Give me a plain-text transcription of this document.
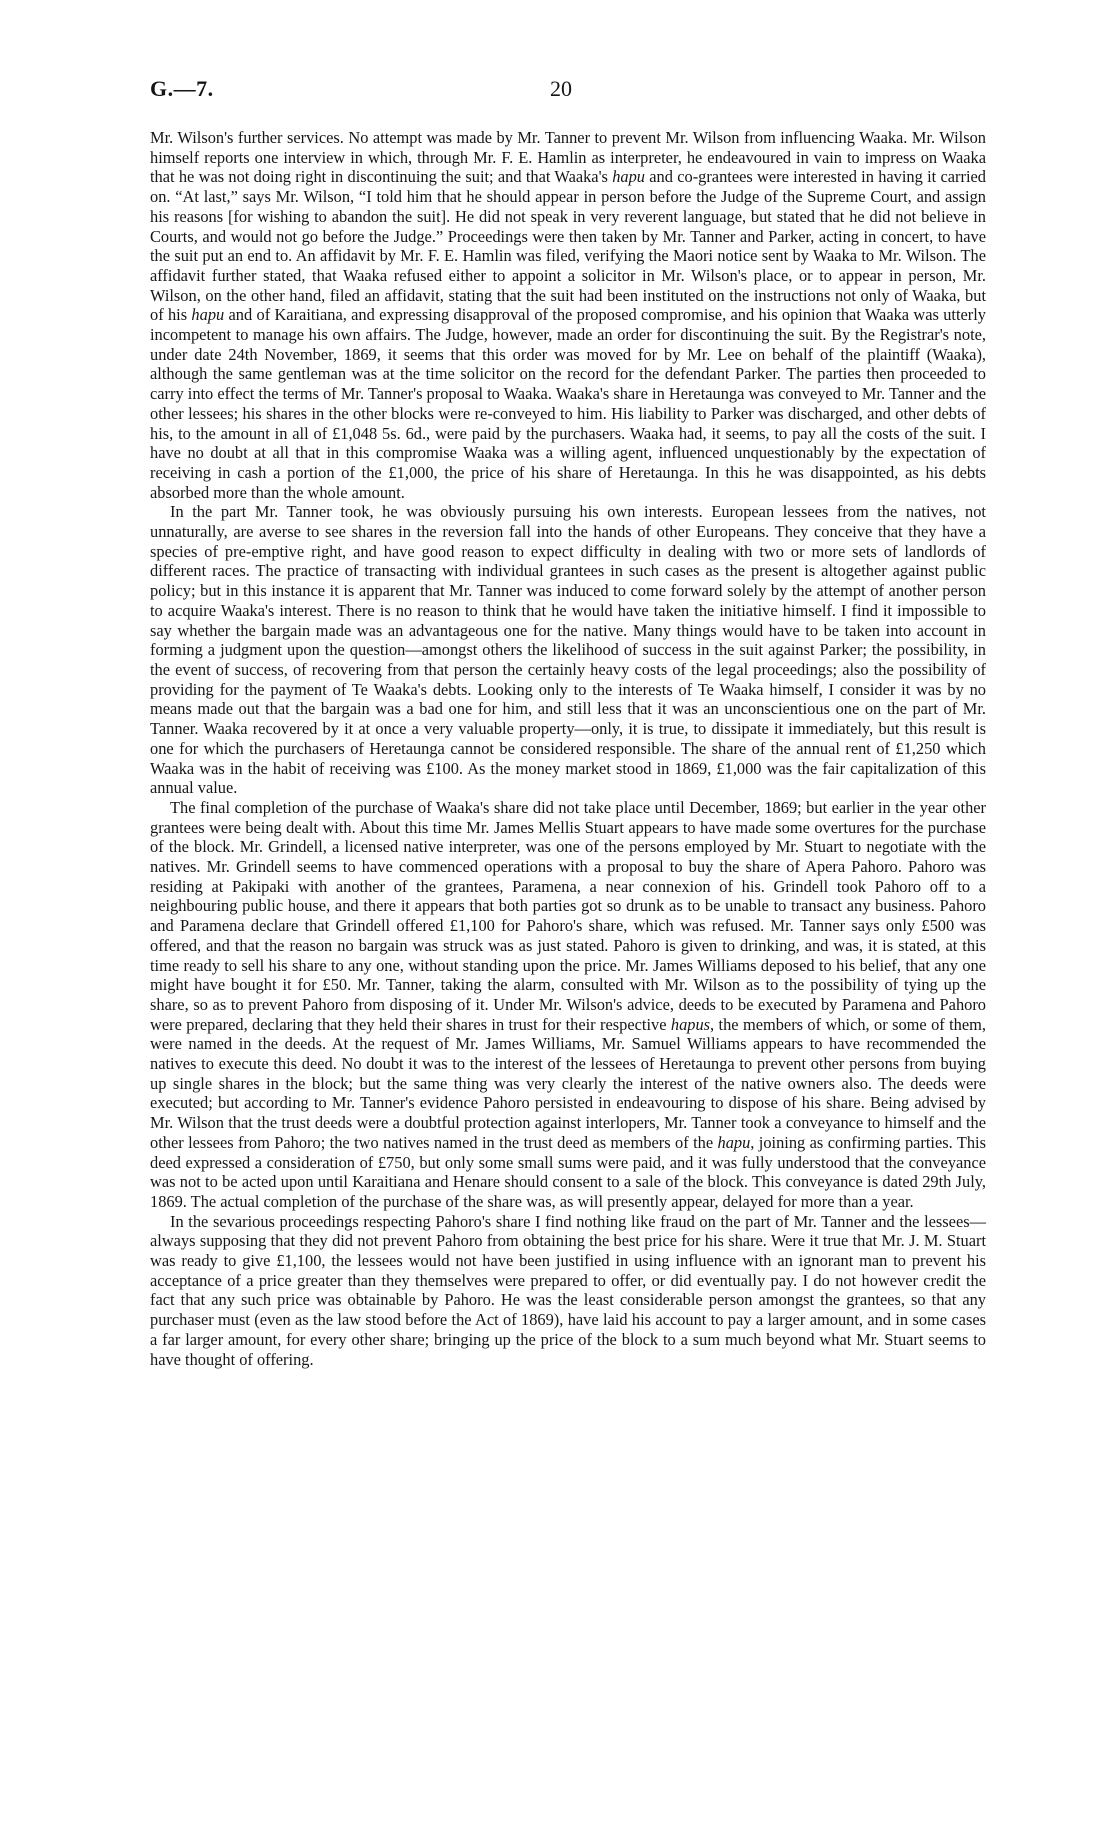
G.—7.	20

Mr. Wilson's further services. No attempt was made by Mr. Tanner to prevent Mr. Wilson from influencing Waaka. Mr. Wilson himself reports one interview in which, through Mr. F. E. Hamlin as interpreter, he endeavoured in vain to impress on Waaka that he was not doing right in discontinuing the suit; and that Waaka's hapu and co-grantees were interested in having it carried on. “At last,” says Mr. Wilson, “I told him that he should appear in person before the Judge of the Supreme Court, and assign his reasons [for wishing to abandon the suit]. He did not speak in very reverent language, but stated that he did not believe in Courts, and would not go before the Judge.” Proceedings were then taken by Mr. Tanner and Parker, acting in concert, to have the suit put an end to. An affidavit by Mr. F. E. Hamlin was filed, verifying the Maori notice sent by Waaka to Mr. Wilson. The affidavit further stated, that Waaka refused either to appoint a solicitor in Mr. Wilson's place, or to appear in person, Mr. Wilson, on the other hand, filed an affidavit, stating that the suit had been instituted on the instructions not only of Waaka, but of his hapu and of Karaitiana, and expressing disapproval of the proposed compromise, and his opinion that Waaka was utterly incompetent to manage his own affairs. The Judge, however, made an order for discontinuing the suit. By the Registrar's note, under date 24th November, 1869, it seems that this order was moved for by Mr. Lee on behalf of the plaintiff (Waaka), although the same gentleman was at the time solicitor on the record for the defendant Parker. The parties then proceeded to carry into effect the terms of Mr. Tanner's proposal to Waaka. Waaka's share in Heretaunga was conveyed to Mr. Tanner and the other lessees; his shares in the other blocks were re-conveyed to him. His liability to Parker was discharged, and other debts of his, to the amount in all of £1,048 5s. 6d., were paid by the purchasers. Waaka had, it seems, to pay all the costs of the suit. I have no doubt at all that in this compromise Waaka was a willing agent, influenced unquestionably by the expectation of receiving in cash a portion of the £1,000, the price of his share of Heretaunga. In this he was disappointed, as his debts absorbed more than the whole amount.

In the part Mr. Tanner took, he was obviously pursuing his own interests. European lessees from the natives, not unnaturally, are averse to see shares in the reversion fall into the hands of other Europeans. They conceive that they have a species of pre-emptive right, and have good reason to expect difficulty in dealing with two or more sets of landlords of different races. The practice of transacting with individual grantees in such cases as the present is altogether against public policy; but in this instance it is apparent that Mr. Tanner was induced to come forward solely by the attempt of another person to acquire Waaka's interest. There is no reason to think that he would have taken the initiative himself. I find it impossible to say whether the bargain made was an advantageous one for the native. Many things would have to be taken into account in forming a judgment upon the question—amongst others the likelihood of success in the suit against Parker; the possibility, in the event of success, of recovering from that person the certainly heavy costs of the legal proceedings; also the possibility of providing for the payment of Te Waaka's debts. Looking only to the interests of Te Waaka himself, I consider it was by no means made out that the bargain was a bad one for him, and still less that it was an unconscientious one on the part of Mr. Tanner. Waaka recovered by it at once a very valuable property—only, it is true, to dissipate it immediately, but this result is one for which the purchasers of Heretaunga cannot be considered responsible. The share of the annual rent of £1,250 which Waaka was in the habit of receiving was £100. As the money market stood in 1869, £1,000 was the fair capitalization of this annual value.

The final completion of the purchase of Waaka's share did not take place until December, 1869; but earlier in the year other grantees were being dealt with. About this time Mr. James Mellis Stuart appears to have made some overtures for the purchase of the block. Mr. Grindell, a licensed native interpreter, was one of the persons employed by Mr. Stuart to negotiate with the natives. Mr. Grindell seems to have commenced operations with a proposal to buy the share of Apera Pahoro. Pahoro was residing at Pakipaki with another of the grantees, Paramena, a near connexion of his. Grindell took Pahoro off to a neighbouring public house, and there it appears that both parties got so drunk as to be unable to transact any business. Pahoro and Paramena declare that Grindell offered £1,100 for Pahoro's share, which was refused. Mr. Tanner says only £500 was offered, and that the reason no bargain was struck was as just stated. Pahoro is given to drinking, and was, it is stated, at this time ready to sell his share to any one, without standing upon the price. Mr. James Williams deposed to his belief, that any one might have bought it for £50. Mr. Tanner, taking the alarm, consulted with Mr. Wilson as to the possibility of tying up the share, so as to prevent Pahoro from disposing of it. Under Mr. Wilson's advice, deeds to be executed by Paramena and Pahoro were prepared, declaring that they held their shares in trust for their respective hapus, the members of which, or some of them, were named in the deeds. At the request of Mr. James Williams, Mr. Samuel Williams appears to have recommended the natives to execute this deed. No doubt it was to the interest of the lessees of Heretaunga to prevent other persons from buying up single shares in the block; but the same thing was very clearly the interest of the native owners also. The deeds were executed; but according to Mr. Tanner's evidence Pahoro persisted in endeavouring to dispose of his share. Being advised by Mr. Wilson that the trust deeds were a doubtful protection against interlopers, Mr. Tanner took a conveyance to himself and the other lessees from Pahoro; the two natives named in the trust deed as members of the hapu, joining as confirming parties. This deed expressed a consideration of £750, but only some small sums were paid, and it was fully understood that the conveyance was not to be acted upon until Karaitiana and Henare should consent to a sale of the block. This conveyance is dated 29th July, 1869. The actual completion of the purchase of the share was, as will presently appear, delayed for more than a year.

In the sevarious proceedings respecting Pahoro's share I find nothing like fraud on the part of Mr. Tanner and the lessees—always supposing that they did not prevent Pahoro from obtaining the best price for his share. Were it true that Mr. J. M. Stuart was ready to give £1,100, the lessees would not have been justified in using influence with an ignorant man to prevent his acceptance of a price greater than they themselves were prepared to offer, or did eventually pay. I do not however credit the fact that any such price was obtainable by Pahoro. He was the least considerable person amongst the grantees, so that any purchaser must (even as the law stood before the Act of 1869), have laid his account to pay a larger amount, and in some cases a far larger amount, for every other share; bringing up the price of the block to a sum much beyond what Mr. Stuart seems to have thought of offering.
